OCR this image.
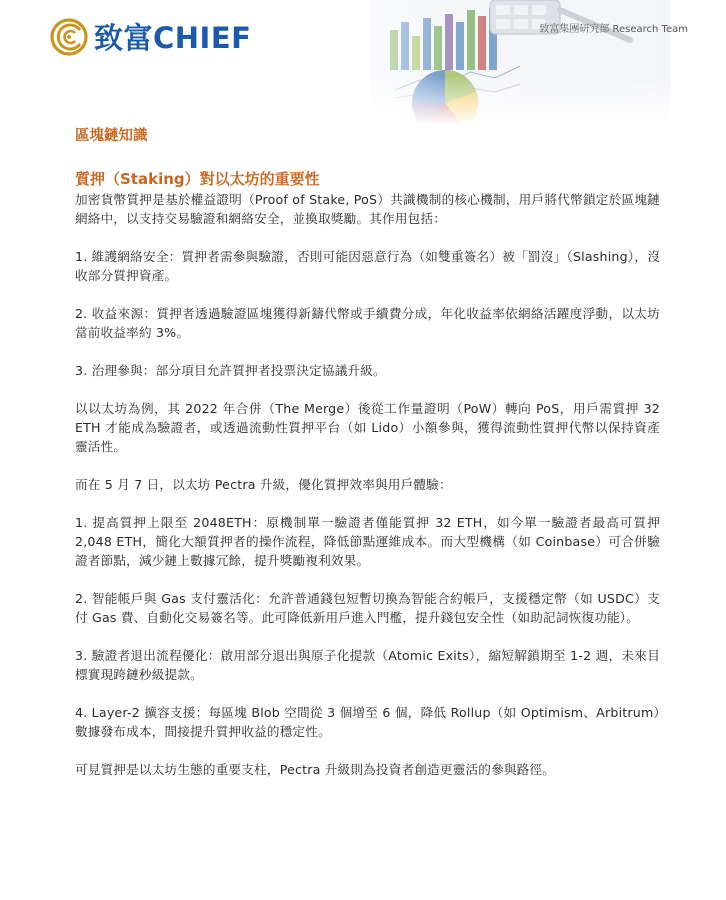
致富CHIEF	致富集團研究部 Research Team
區塊鏈知識
質押（Staking）對以太坊的重要性

加密貨幣質押是基於權益證明（Proof of Stake, PoS）共識機制的核心機制，用戶將代幣鎖定於區塊鏈網絡中，以支持交易驗證和網絡安全，並換取獎勵。其作用包括：

1. 維護網絡安全：質押者需參與驗證，否則可能因惡意行為（如雙重簽名）被「罰沒」（Slashing），沒收部分質押資產。

2. 收益來源：質押者透過驗證區塊獲得新鑄代幣或手續費分成，年化收益率依網絡活躍度浮動，以太坊當前收益率約 3%。

3. 治理參與：部分項目允許質押者投票決定協議升級。

以以太坊為例，其 2022 年合併（The Merge）後從工作量證明（PoW）轉向 PoS，用戶需質押 32 ETH 才能成為驗證者，或透過流動性質押平台（如 Lido）小額參與，獲得流動性質押代幣以保持資產靈活性。

而在 5 月 7 日，以太坊 Pectra 升級，優化質押效率與用戶體驗：

1. 提高質押上限至 2048ETH：原機制單一驗證者僅能質押 32 ETH，如今單一驗證者最高可質押 2,048 ETH，簡化大額質押者的操作流程，降低節點運維成本。而大型機構（如 Coinbase）可合併驗證者節點，減少鏈上數據冗餘，提升獎勵複利效果。

2. 智能帳戶與 Gas 支付靈活化：允許普通錢包短暫切換為智能合約帳戶，支援穩定幣（如 USDC）支付 Gas 費、自動化交易簽名等。此可降低新用戶進入門檻，提升錢包安全性（如助記詞恢復功能）。

3. 驗證者退出流程優化：啟用部分退出與原子化提款（Atomic Exits），縮短解鎖期至 1-2 週，未來目標實現跨鏈秒級提款。

4. Layer-2 擴容支援：每區塊 Blob 空間從 3 個增至 6 個，降低 Rollup（如 Optimism、Arbitrum）數據發布成本，間接提升質押收益的穩定性。

可見質押是以太坊生態的重要支柱，Pectra 升級則為投資者創造更靈活的參與路徑。
